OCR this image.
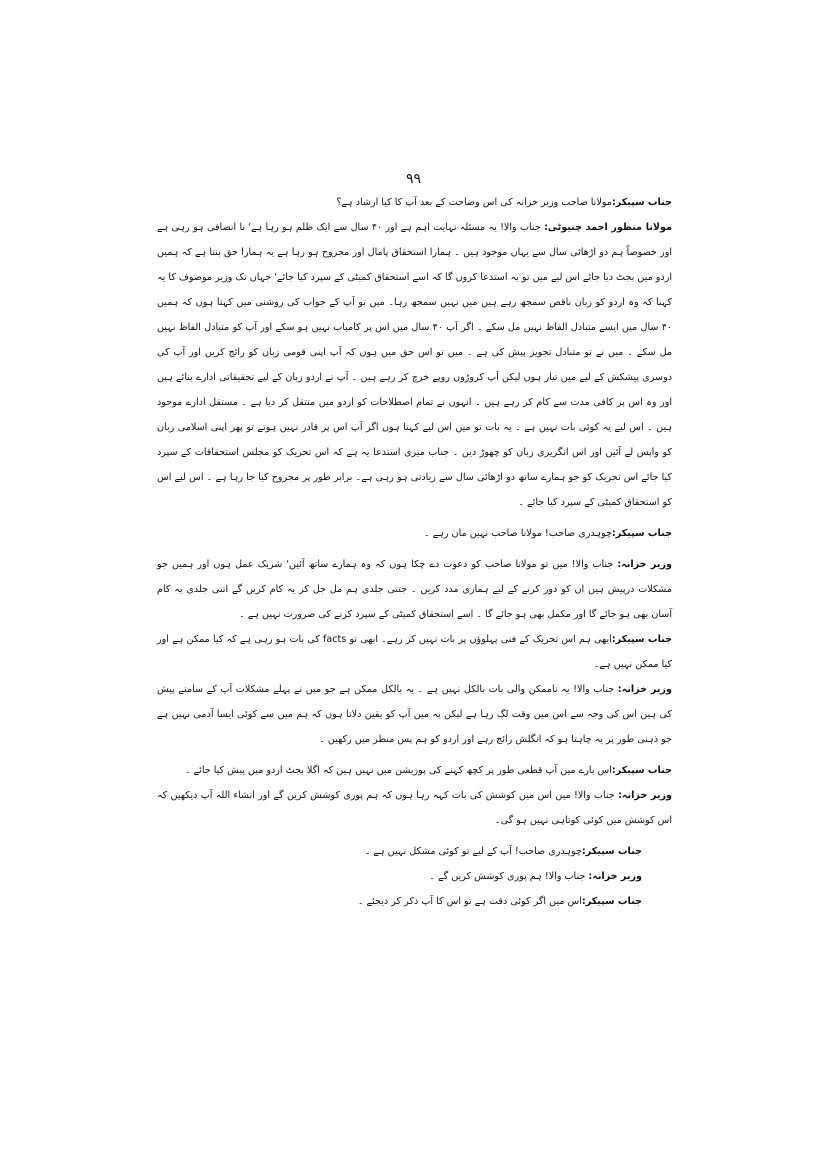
۹۹

جناب سپیکر:مولانا صاحب وزیر خزانہ کی اس وضاحت کے بعد آپ کا کیا ارشاد ہے؟

مولانا منظور احمد چنیوٹی: جناب والا! یہ مسئلہ نہایت اہم ہے اور ۴۰ سال سے ایک ظلم ہو رہا ہے' نا انصافی ہو رہی ہے اور خصوصاً ہم دو اڑھائی سال سے یہاں موجود ہیں ۔ ہمارا استحقاق پامال اور مجروح ہو رہا ہے یہ ہمارا حق بنتا ہے کہ ہمیں اردو میں بجٹ دیا جائے اس لیے میں تو یہ استدعا کروں گا کہ اسے استحقاق کمیٹی کے سپرد کیا جائے' جہاں تک وزیر موصوف کا یہ کہنا کہ وہ اردو کو زبان ناقص سمجھ رہے ہیں میں نہیں سمجھ رہا۔ میں تو آپ کے جواب کی روشنی میں کہتا ہوں کہ ہمیں ۴۰ سال میں ایسے متبادل الفاظ نہیں مل سکے ۔ اگر آپ ۴۰ سال میں اس پر کامیاب نہیں ہو سکے اور آپ کو متبادل الفاظ نہیں مل سکے ۔ میں نے تو متبادل تجویز پیش کی ہے ۔ میں تو اس حق میں ہوں کہ آپ اپنی قومی زبان کو رائج کریں اور آپ کی دوسری پیشکش کے لیے میں تیار ہوں لیکن آپ کروڑوں روپے خرچ کر رہے ہیں ۔ آپ نے اردو زبان کے لیے تحقیقاتی ادارے بنائے ہیں اور وہ اس پر کافی مدت سے کام کر رہے ہیں ۔ انہوں نے تمام اصطلاحات کو اردو میں منتقل کر دیا ہے ۔ مستقل ادارے موجود ہیں ۔ اس لیے یہ کوئی بات نہیں ہے ۔ یہ بات تو میں اس لیے کہتا ہوں اگر آپ اس پر قادر نہیں ہوتے تو پھر اپنی اسلامی زبان کو واپس لے آئیں اور اس انگریزی زبان کو چھوڑ دیں ۔ جناب میری استدعا یہ ہے کہ اس تحریک کو مجلس استحقاقات کے سپرد کیا جائے اس تحریک کو جو ہمارے ساتھ دو اڑھائی سال سے زیادتی ہو رہی ہے۔ برابر طور پر مجروح کیا جا رہا ہے ۔ اس لیے اس کو استحقاق کمیٹی کے سپرد کیا جائے ۔

جناب سپیکر:چوہدری صاحب! مولانا صاحب نہیں مان رہے ۔

وزیر خزانہ: جناب والا! میں تو مولانا صاحب کو دعوت دے چکا ہوں کہ وہ ہمارے ساتھ آئیں' شریک عمل ہوں اور ہمیں جو مشکلات درپیش ہیں ان کو دور کرنے کے لیے ہماری مدد کریں ۔ جتنی جلدی ہم مل جل کر یہ کام کریں گے اتنی جلدی یہ کام آسان بھی ہو جائے گا اور مکمل بھی ہو جائے گا ۔ اسے استحقاق کمیٹی کے سپرد کرنے کی ضرورت نہیں ہے ۔

جناب سپیکر:ابھی ہم اس تحریک کے فنی پہلوؤں پر بات نہیں کر رہے۔ ابھی تو facts کی بات ہو رہی ہے کہ کیا ممکن ہے اور کیا ممکن نہیں ہے۔

وزیر خزانہ: جناب والا! یہ ناممکن والی بات بالکل نہیں ہے ۔ یہ بالکل ممکن ہے جو میں نے پہلے مشکلات آپ کے سامنے پیش کی ہیں اس کی وجہ سے اس میں وقت لگ رہا ہے لیکن یہ میں آپ کو یقین دلاتا ہوں کہ ہم میں سے کوئی ایسا آدمی نہیں ہے جو ذہنی طور پر یہ چاہتا ہو کہ انگلش رائج رہے اور اردو کو ہم پس منظر میں رکھیں ۔

جناب سپیکر:اس بارے میں آپ قطعی طور پر کچھ کہنے کی پوزیشن میں نہیں ہیں کہ اگلا بجٹ اردو میں پیش کیا جائے ۔

وزیر خزانہ: جناب والا! میں اس میں کوشش کی بات کہہ رہا ہوں کہ ہم پوری کوشش کریں گے اور انشاء اللہ آپ دیکھیں کہ اس کوشش میں کوئی کوتاہی نہیں ہو گی۔

جناب سپیکر:چوہدری صاحب! آپ کے لیے تو کوئی مشکل نہیں ہے ۔

وزیر خزانہ: جناب والا! ہم پوری کوشش کریں گے ۔

جناب سپیکر:اس میں اگر کوئی دقت ہے تو اس کا آپ ذکر کر دیجئے ۔
